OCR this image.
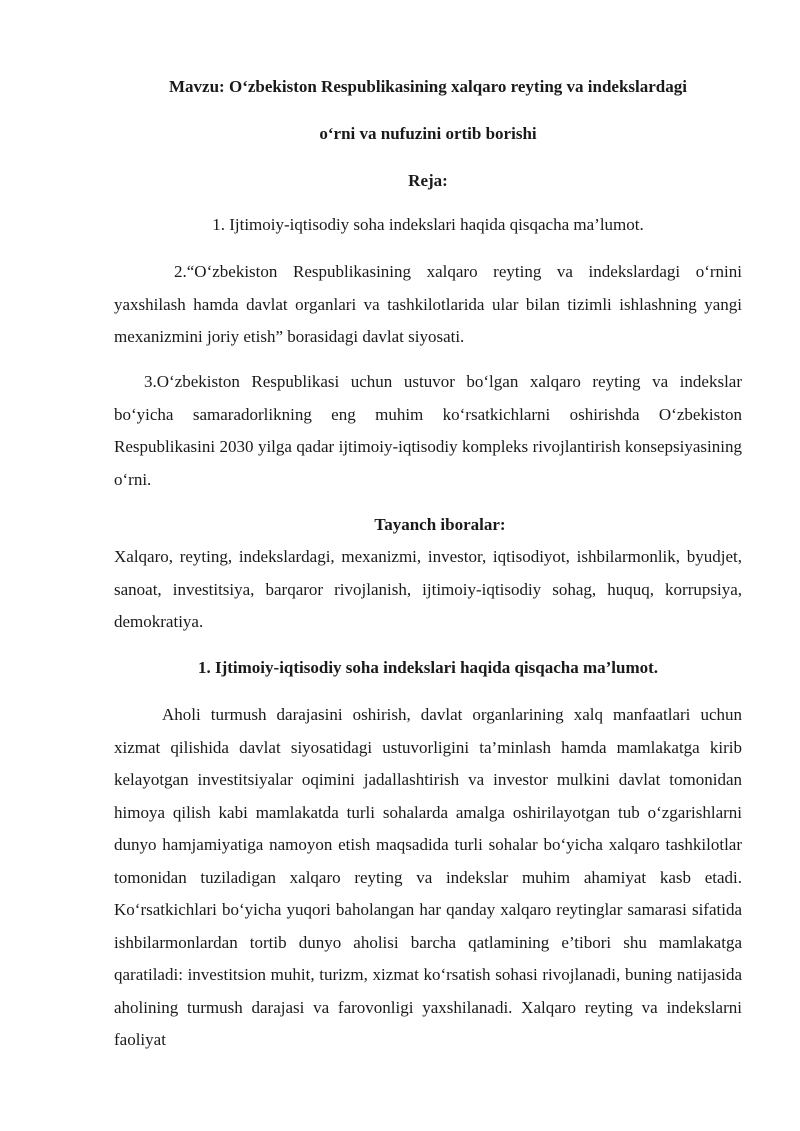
Mavzu: O‘zbekiston Respublikasining xalqaro reyting va indekslardagi

o‘rni va nufuzini ortib borishi

Reja:

1. Ijtimoiy-iqtisodiy soha indekslari haqida qisqacha ma’lumot.

2.“O‘zbekiston Respublikasining xalqaro reyting va indekslardagi o‘rnini yaxshilash hamda davlat organlari va tashkilotlarida ular bilan tizimli ishlashning yangi mexanizmini joriy etish” borasidagi davlat siyosati.

3.O‘zbekiston Respublikasi uchun ustuvor bo‘lgan xalqaro reyting va indekslar bo‘yicha samaradorlikning eng muhim ko‘rsatkichlarni oshirishda O‘zbekiston Respublikasini 2030 yilga qadar ijtimoiy-iqtisodiy kompleks rivojlantirish konsepsiyasining o‘rni.

Tayanch iboralar:

Xalqaro, reyting, indekslardagi, mexanizmi, investor, iqtisodiyot, ishbilarmonlik, byudjet, sanoat, investitsiya, barqaror rivojlanish, ijtimoiy-iqtisodiy sohag, huquq, korrupsiya, demokratiya.

1. Ijtimoiy-iqtisodiy soha indekslari haqida qisqacha ma’lumot.

Aholi turmush darajasini oshirish, davlat organlarining xalq manfaatlari uchun xizmat qilishida davlat siyosatidagi ustuvorligini ta’minlash hamda mamlakatga kirib kelayotgan investitsiyalar oqimini jadallashtirish va investor mulkini davlat tomonidan himoya qilish kabi mamlakatda turli sohalarda amalga oshirilayotgan tub o‘zgarishlarni dunyo hamjamiyatiga namoyon etish maqsadida turli sohalar bo‘yicha xalqaro tashkilotlar tomonidan tuziladigan xalqaro reyting va indekslar muhim ahamiyat kasb etadi. Ko‘rsatkichlari bo‘yicha yuqori baholangan har qanday xalqaro reytinglar samarasi sifatida ishbilarmonlardan tortib dunyo aholisi barcha qatlamining e’tibori shu mamlakatga qaratiladi: investitsion muhit, turizm, xizmat ko‘rsatish sohasi rivojlanadi, buning natijasida aholining turmush darajasi va farovonligi yaxshilanadi. Xalqaro reyting va indekslarni faoliyat
